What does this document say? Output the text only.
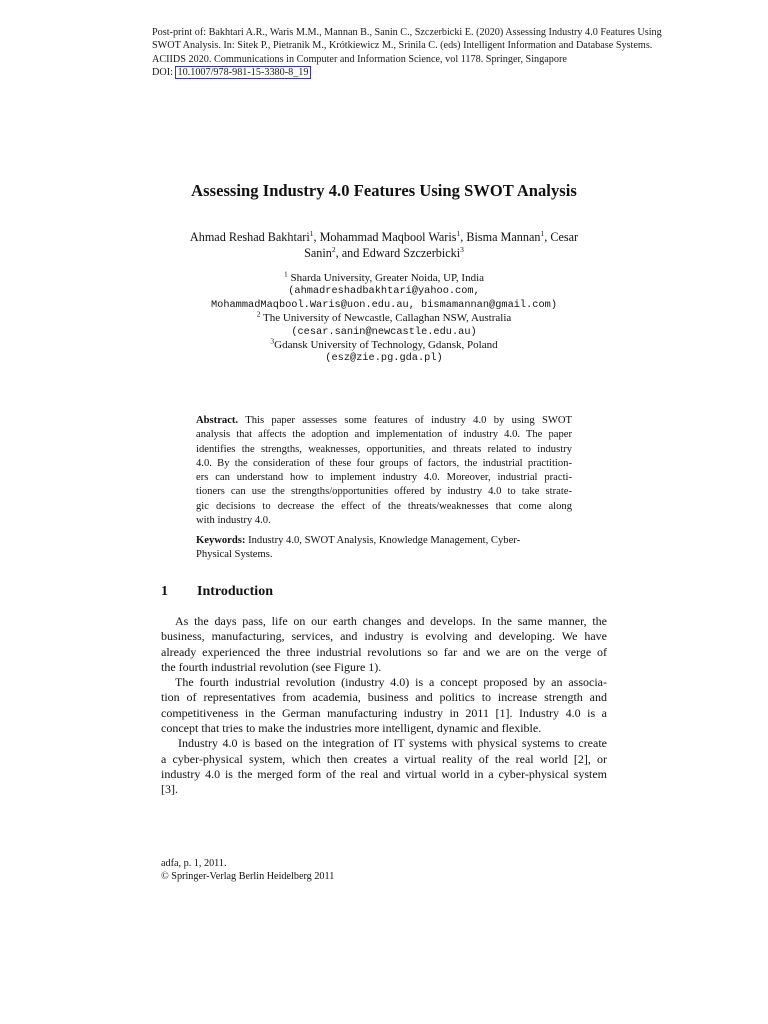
Post-print of: Bakhtari A.R., Waris M.M., Mannan B., Sanin C., Szczerbicki E. (2020) Assessing Industry 4.0 Features Using
SWOT Analysis. In: Sitek P., Pietranik M., Krótkiewicz M., Srinila C. (eds) Intelligent Information and Database Systems.
ACIIDS 2020. Communications in Computer and Information Science, vol 1178. Springer, Singapore
DOI: 10.1007/978-981-15-3380-8_19
Assessing Industry 4.0 Features Using SWOT Analysis
Ahmad Reshad Bakhtari$^1$, Mohammad Maqbool Waris$^1$, Bisma Mannan$^1$, Cesar
Sanin$^2$, and Edward Szczerbicki$^3$
$^1$ Sharda University, Greater Noida, UP, India
(ahmadreshadbakhtari@yahoo.com,
MohammadMaqbool.Waris@uon.edu.au, bismamannan@gmail.com)
$^2$ The University of Newcastle, Callaghan NSW, Australia
(cesar.sanin@newcastle.edu.au)
$^3$Gdansk University of Technology, Gdansk, Poland
(esz@zie.pg.gda.pl)
Abstract. This paper assesses some features of industry 4.0 by using SWOT
analysis that affects the adoption and implementation of industry 4.0. The paper
identifies the strengths, weaknesses, opportunities, and threats related to industry
4.0. By the consideration of these four groups of factors, the industrial practition-
ers can understand how to implement industry 4.0. Moreover, industrial practi-
tioners can use the strengths/opportunities offered by industry 4.0 to take strate-
gic decisions to decrease the effect of the threats/weaknesses that come along
with industry 4.0.
Keywords: Industry 4.0, SWOT Analysis, Knowledge Management, Cyber-
Physical Systems.
1 Introduction
As the days pass, life on our earth changes and develops. In the same manner, the
business, manufacturing, services, and industry is evolving and developing. We have
already experienced the three industrial revolutions so far and we are on the verge of
the fourth industrial revolution (see Figure 1).
The fourth industrial revolution (industry 4.0) is a concept proposed by an associa-
tion of representatives from academia, business and politics to increase strength and
competitiveness in the German manufacturing industry in 2011 [1]. Industry 4.0 is a
concept that tries to make the industries more intelligent, dynamic and flexible.
Industry 4.0 is based on the integration of IT systems with physical systems to create
a cyber-physical system, which then creates a virtual reality of the real world [2], or
industry 4.0 is the merged form of the real and virtual world in a cyber-physical system
[3].
adfa, p. 1, 2011.
© Springer-Verlag Berlin Heidelberg 2011
